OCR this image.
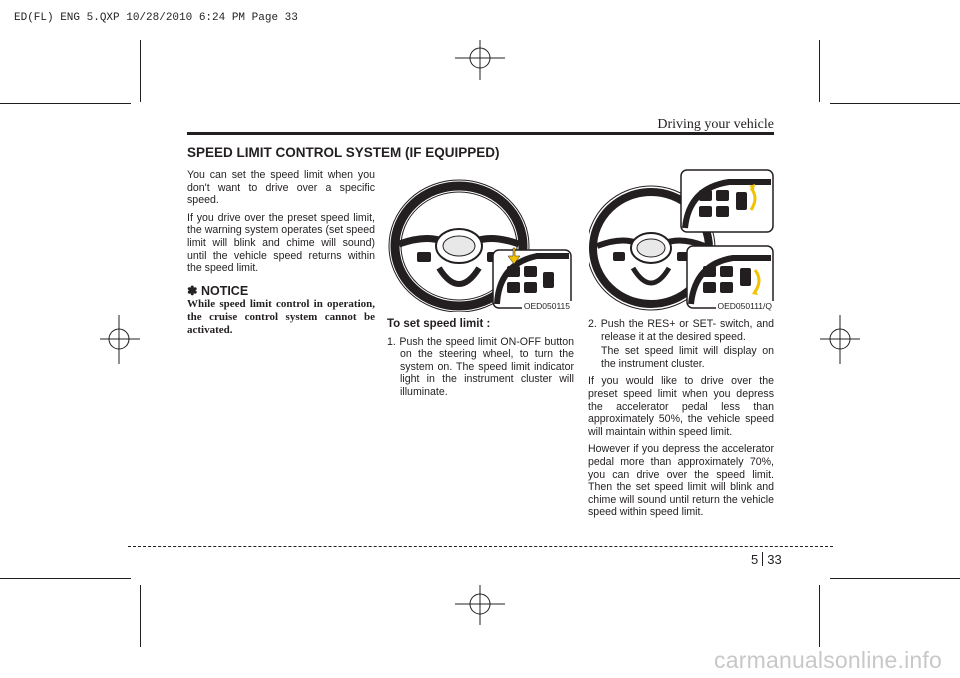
ED(FL) ENG 5.QXP 10/28/2010 6:24 PM Page 33
Driving your vehicle
SPEED LIMIT CONTROL SYSTEM (IF EQUIPPED)

You can set the speed limit when you don't want to drive over a specific speed.

If you drive over the preset speed limit, the warning system operates (set speed limit will blink and chime will sound) until the vehicle speed returns within the speed limit.

✽ NOTICE
While speed limit control in operation, the cruise control system cannot be activated.
OED050115	OED050111/Q
To set speed limit :

1. Push the speed limit ON-OFF button on the steering wheel, to turn the system on. The speed limit indicator light in the instrument cluster will illuminate.

2. Push the RES+ or SET- switch, and release it at the desired speed.

The set speed limit will display on the instrument cluster.

If you would like to drive over the preset speed limit when you depress the accelerator pedal less than approximately 50%, the vehicle speed will maintain within speed limit.

However if you depress the accelerator pedal more than approximately 70%, you can drive over the speed limit. Then the set speed limit will blink and chime will sound until return the vehicle speed within speed limit.

5 33
carmanualsonline.info
